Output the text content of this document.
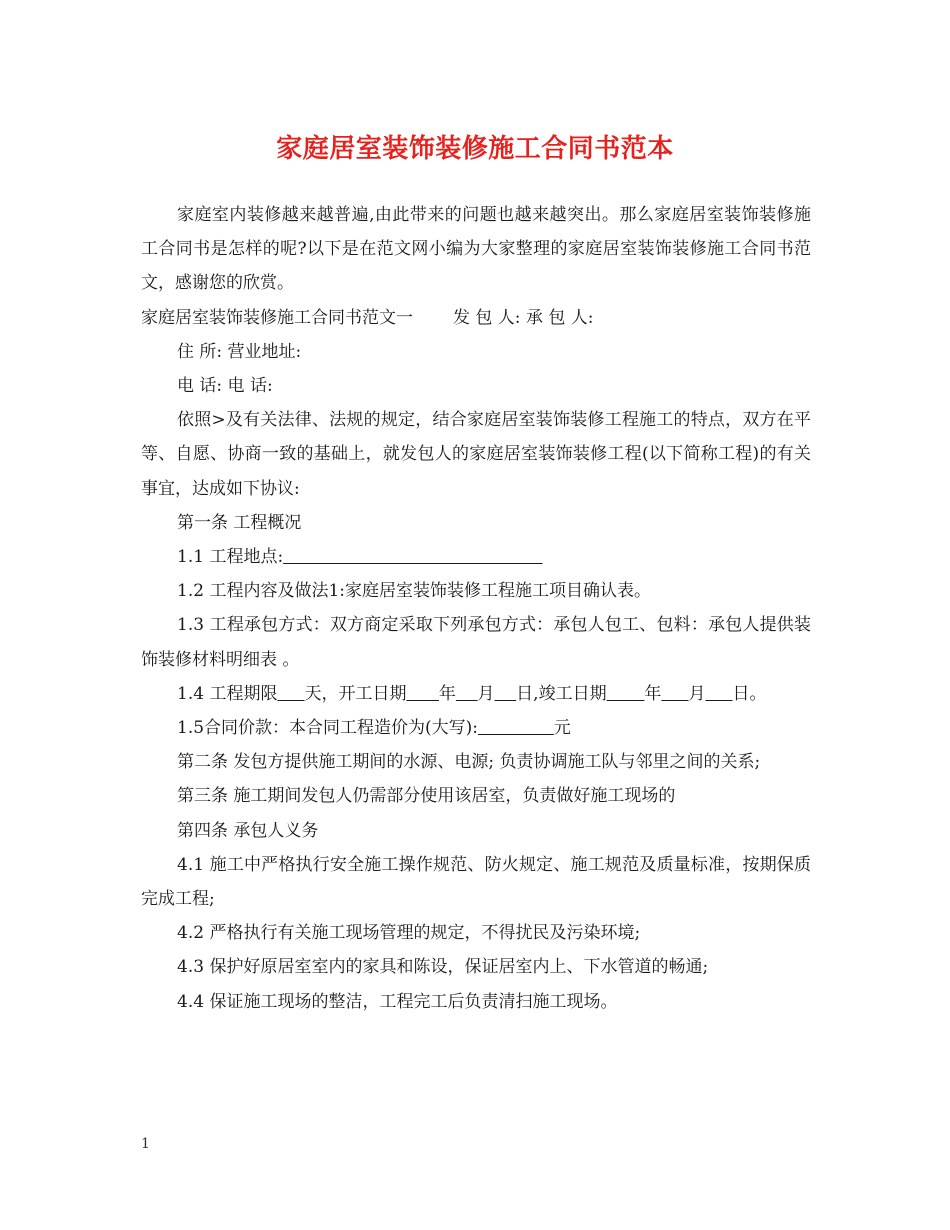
家庭居室装饰装修施工合同书范本

家庭室内装修越来越普遍,由此带来的问题也越来越突出。那么家庭居室装饰装修施工合同书是怎样的呢?以下是在范文网小编为大家整理的家庭居室装饰装修施工合同书范文，感谢您的欣赏。

家庭居室装饰装修施工合同书范文一 发 包 人: 承 包 人:

住 所: 营业地址:

电 话: 电 话:

依照>及有关法律、法规的规定，结合家庭居室装饰装修工程施工的特点，双方在平等、自愿、协商一致的基础上，就发包人的家庭居室装饰装修工程(以下简称工程)的有关事宜，达成如下协议:

第一条 工程概况

1.1 工程地点:

1.2 工程内容及做法1:家庭居室装饰装修工程施工项目确认表。

1.3 工程承包方式：双方商定采取下列承包方式：承包人包工、包料：承包人提供装饰装修材料明细表 。

1.4 工程期限 天，开工日期 年 月 日,竣工日期 年 月 日。

1.5合同价款：本合同工程造价为(大写):	元

第二条 发包方提供施工期间的水源、电源; 负责协调施工队与邻里之间的关系;

第三条 施工期间发包人仍需部分使用该居室，负责做好施工现场的

第四条 承包人义务

4.1 施工中严格执行安全施工操作规范、防火规定、施工规范及质量标准，按期保质完成工程;

4.2 严格执行有关施工现场管理的规定，不得扰民及污染环境;

4.3 保护好原居室室内的家具和陈设，保证居室内上、下水管道的畅通;

4.4 保证施工现场的整洁，工程完工后负责清扫施工现场。

1
